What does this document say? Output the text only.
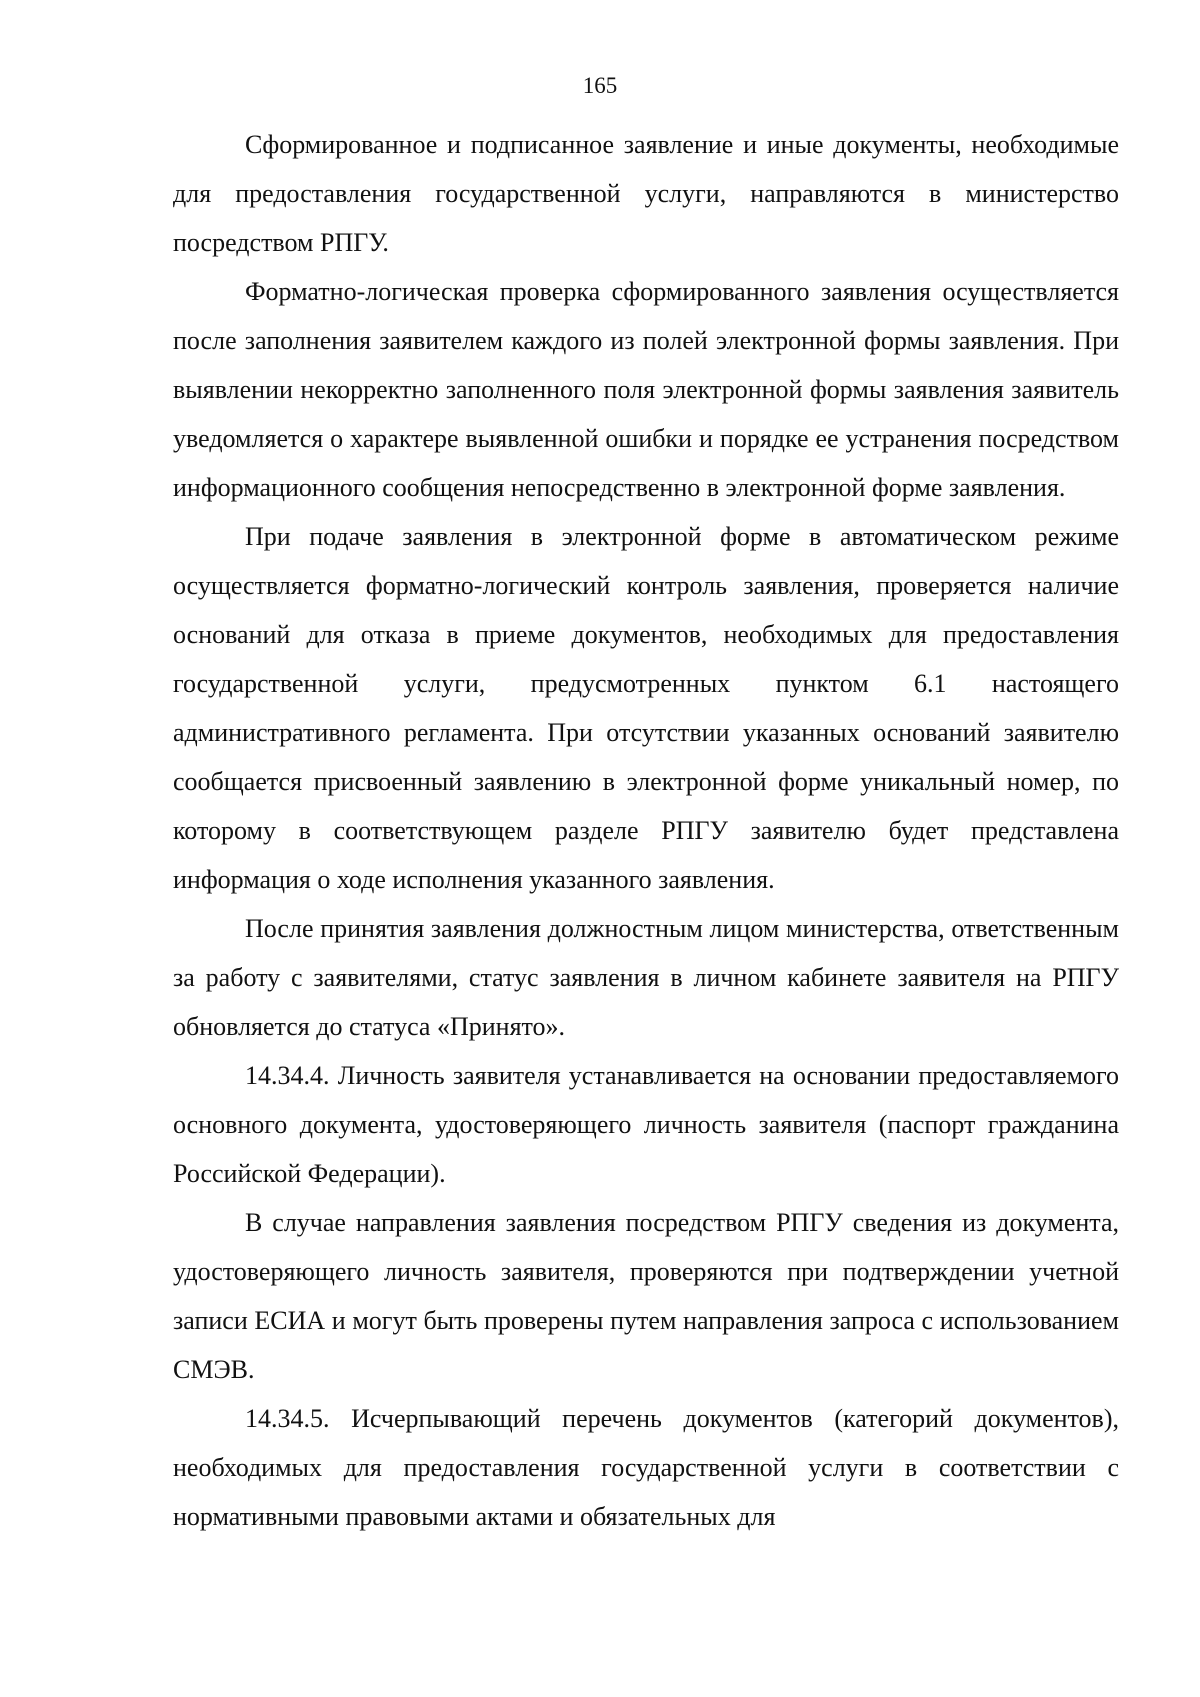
165

Сформированное и подписанное заявление и иные документы, необходимые для предоставления государственной услуги, направляются в министерство посредством РПГУ.

Форматно-логическая проверка сформированного заявления осуществляется после заполнения заявителем каждого из полей электронной формы заявления. При выявлении некорректно заполненного поля электронной формы заявления заявитель уведомляется о характере выявленной ошибки и порядке ее устранения посредством информационного сообщения непосредственно в электронной форме заявления.

При подаче заявления в электронной форме в автоматическом режиме осуществляется форматно-логический контроль заявления, проверяется наличие оснований для отказа в приеме документов, необходимых для предоставления государственной услуги, предусмотренных пунктом 6.1 настоящего административного регламента. При отсутствии указанных оснований заявителю сообщается присвоенный заявлению в электронной форме уникальный номер, по которому в соответствующем разделе РПГУ заявителю будет представлена информация о ходе исполнения указанного заявления.

После принятия заявления должностным лицом министерства, ответственным за работу с заявителями, статус заявления в личном кабинете заявителя на РПГУ обновляется до статуса «Принято».

14.34.4. Личность заявителя устанавливается на основании предоставляемого основного документа, удостоверяющего личность заявителя (паспорт гражданина Российской Федерации).

В случае направления заявления посредством РПГУ сведения из документа, удостоверяющего личность заявителя, проверяются при подтверждении учетной записи ЕСИА и могут быть проверены путем направления запроса с использованием СМЭВ.

14.34.5. Исчерпывающий перечень документов (категорий документов), необходимых для предоставления государственной услуги в соответствии с нормативными правовыми актами и обязательных для
